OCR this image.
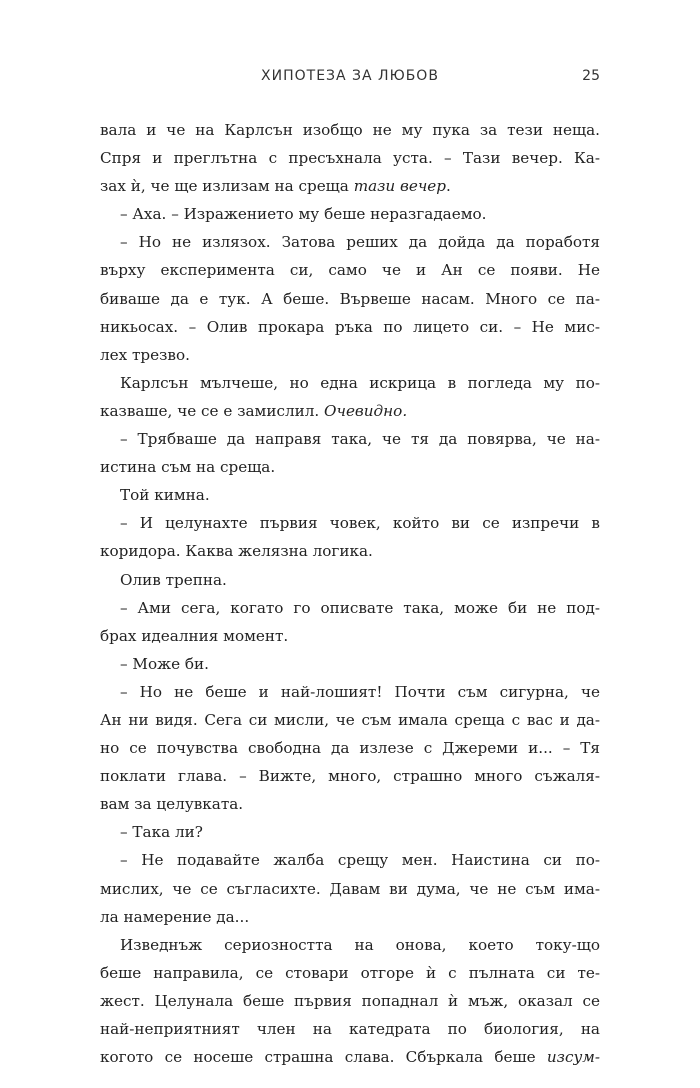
ХИПОТЕЗА ЗА ЛЮБОВ	25
вала и че на Карлсън изобщо не му пука за тези неща.
Спря и преглътна с пресъхнала уста. – Тази вечер. Ка-
зах ѝ, че ще излизам на среща тази вечер.
– Аха. – Изражението му беше неразгадаемо.
– Но не излязох. Затова реших да дойда да поработя
върху експеримента си, само че и Ан се появи. Не
биваше да е тук. А беше. Вървеше насам. Много се па-
никьосах. – Олив прокара ръка по лицето си. – Не мис-
лех трезво.
Карлсън мълчеше, но една искрица в погледа му по-
казваше, че се е замислил. Очевидно.
– Трябваше да направя така, че тя да повярва, че на-
истина съм на среща.
Той кимна.
– И целунахте първия човек, който ви се изпречи в
коридора. Каква желязна логика.
Олив трепна.
– Ами сега, когато го описвате така, може би не под-
брах идеалния момент.
– Може би.
– Но не беше и най-лошият! Почти съм сигурна, че
Ан ни видя. Сега си мисли, че съм имала среща с вас и да-
но се почувства свободна да излезе с Джереми и... – Тя
поклати глава. – Вижте, много, страшно много съжаля-
вам за целувката.
– Така ли?
– Не подавайте жалба срещу мен. Наистина си по-
мислих, че се съгласихте. Давам ви дума, че не съм има-
ла намерение да...
Изведнъж сериозността на онова, което току-що
беше направила, се стовари отгоре ѝ с пълната си те-
жест. Целунала беше първия попаднал ѝ мъж, оказал се
най-неприятният член на катедрата по биология, на
когото се носеше страшна слава. Сбъркала беше изсум-
